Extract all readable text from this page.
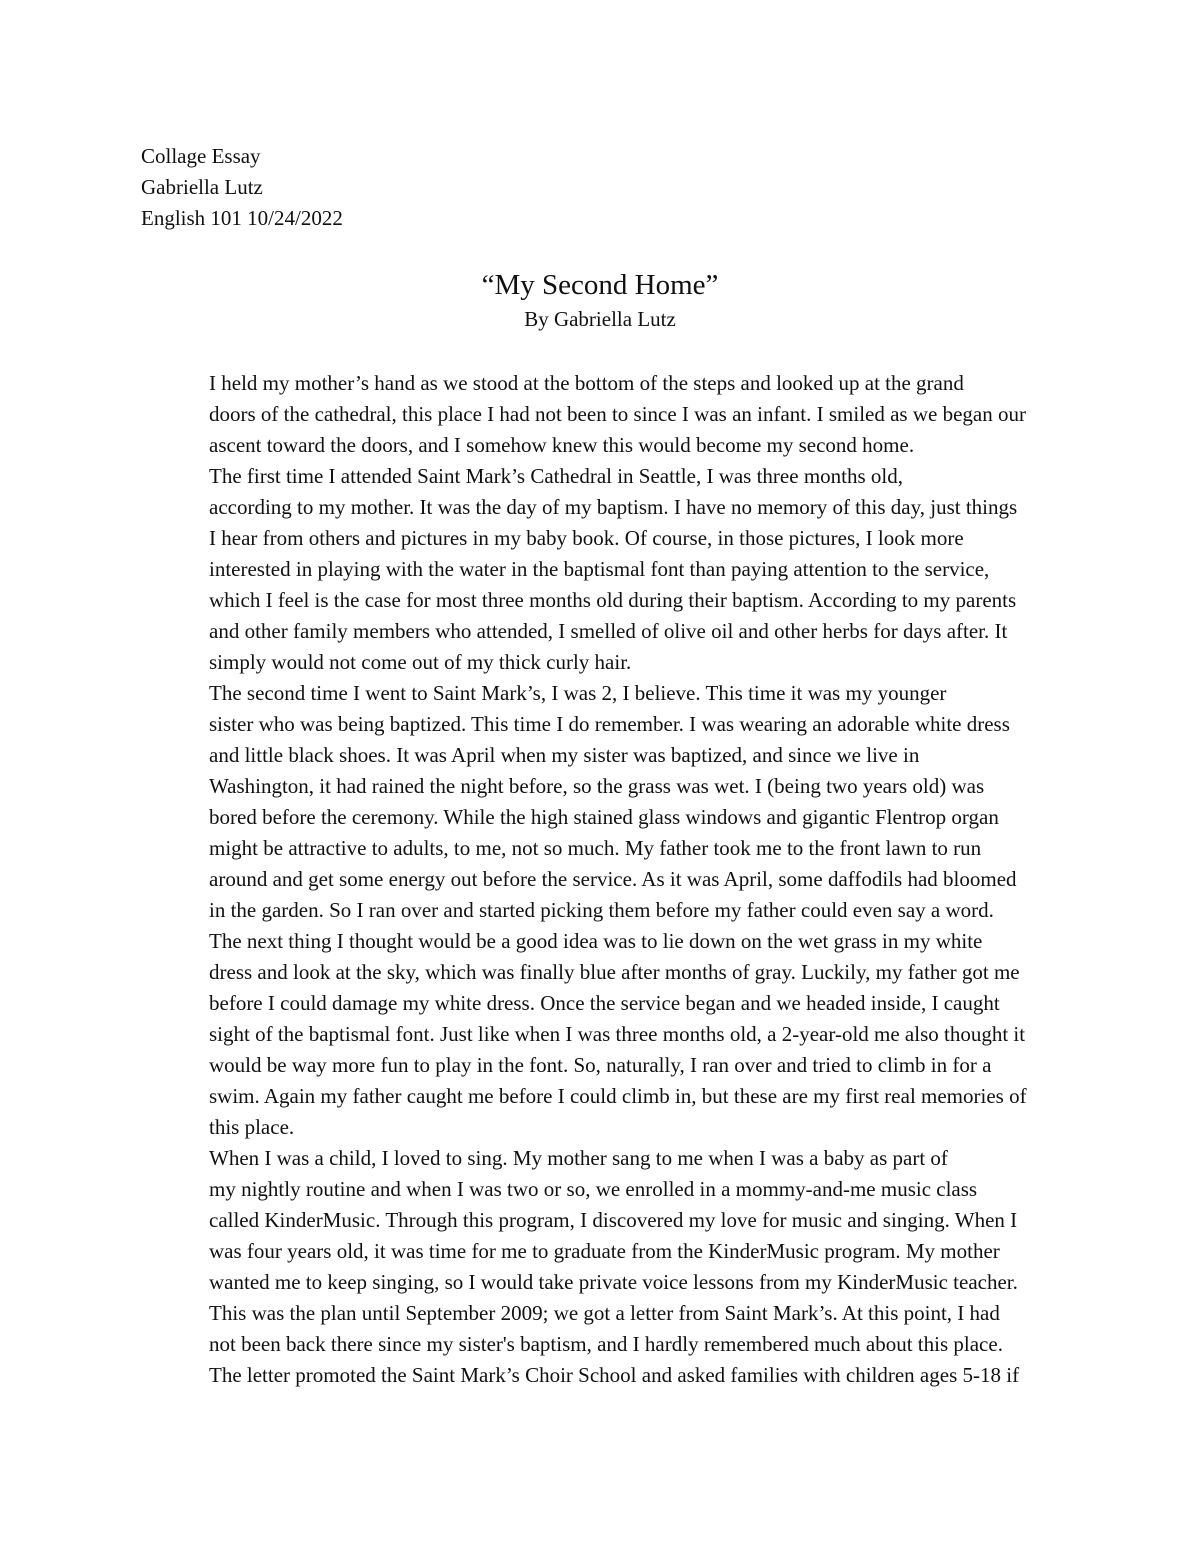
Collage Essay
Gabriella Lutz
English 101 10/24/2022
“My Second Home”
By Gabriella Lutz

I held my mother’s hand as we stood at the bottom of the steps and looked up at the grand
doors of the cathedral, this place I had not been to since I was an infant. I smiled as we began our
ascent toward the doors, and I somehow knew this would become my second home.

The first time I attended Saint Mark’s Cathedral in Seattle, I was three months old,
according to my mother. It was the day of my baptism. I have no memory of this day, just things
I hear from others and pictures in my baby book. Of course, in those pictures, I look more
interested in playing with the water in the baptismal font than paying attention to the service,
which I feel is the case for most three months old during their baptism. According to my parents
and other family members who attended, I smelled of olive oil and other herbs for days after. It
simply would not come out of my thick curly hair.

The second time I went to Saint Mark’s, I was 2, I believe. This time it was my younger
sister who was being baptized. This time I do remember. I was wearing an adorable white dress
and little black shoes. It was April when my sister was baptized, and since we live in
Washington, it had rained the night before, so the grass was wet. I (being two years old) was
bored before the ceremony. While the high stained glass windows and gigantic Flentrop organ
might be attractive to adults, to me, not so much. My father took me to the front lawn to run
around and get some energy out before the service. As it was April, some daffodils had bloomed
in the garden. So I ran over and started picking them before my father could even say a word.
The next thing I thought would be a good idea was to lie down on the wet grass in my white
dress and look at the sky, which was finally blue after months of gray. Luckily, my father got me
before I could damage my white dress. Once the service began and we headed inside, I caught
sight of the baptismal font. Just like when I was three months old, a 2-year-old me also thought it
would be way more fun to play in the font. So, naturally, I ran over and tried to climb in for a
swim. Again my father caught me before I could climb in, but these are my first real memories of
this place.

When I was a child, I loved to sing. My mother sang to me when I was a baby as part of
my nightly routine and when I was two or so, we enrolled in a mommy-and-me music class
called KinderMusic. Through this program, I discovered my love for music and singing. When I
was four years old, it was time for me to graduate from the KinderMusic program. My mother
wanted me to keep singing, so I would take private voice lessons from my KinderMusic teacher.
This was the plan until September 2009; we got a letter from Saint Mark’s. At this point, I had
not been back there since my sister's baptism, and I hardly remembered much about this place.
The letter promoted the Saint Mark’s Choir School and asked families with children ages 5-18 if
